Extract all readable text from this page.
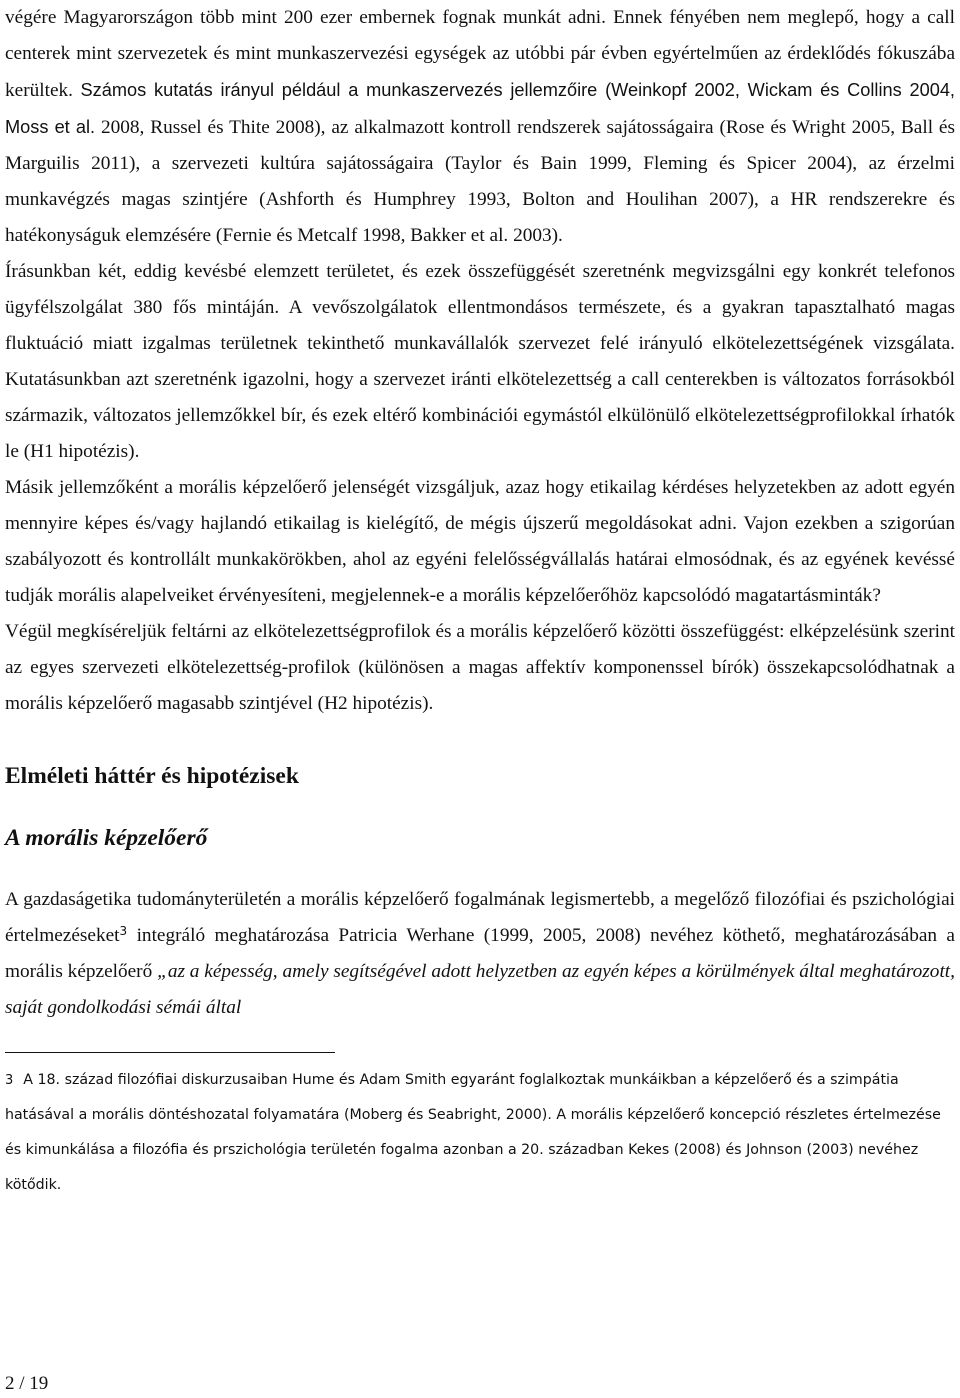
végére Magyarországon több mint 200 ezer embernek fognak munkát adni. Ennek fényében nem meglepő, hogy a call centerek mint szervezetek és mint munkaszervezési egységek az utóbbi pár évben egyértelműen az érdeklődés fókuszába kerültek. Számos kutatás irányul például a munkaszervezés jellemzőire (Weinkopf 2002, Wickam és Collins 2004, Moss et al. 2008, Russel és Thite 2008), az alkalmazott kontroll rendszerek sajátosságaira (Rose és Wright 2005, Ball és Marguilis 2011), a szervezeti kultúra sajátosságaira (Taylor és Bain 1999, Fleming és Spicer 2004), az érzelmi munkavégzés magas szintjére (Ashforth és Humphrey 1993, Bolton and Houlihan 2007), a HR rendszerekre és hatékonyságuk elemzésére (Fernie és Metcalf 1998, Bakker et al. 2003).

Írásunkban két, eddig kevésbé elemzett területet, és ezek összefüggését szeretnénk megvizsgálni egy konkrét telefonos ügyfélszolgálat 380 fős mintáján. A vevőszolgálatok ellentmondásos természete, és a gyakran tapasztalható magas fluktuáció miatt izgalmas területnek tekinthető munkavállalók szervezet felé irányuló elkötelezettségének vizsgálata. Kutatásunkban azt szeretnénk igazolni, hogy a szervezet iránti elkötelezettség a call centerekben is változatos forrásokból származik, változatos jellemzőkkel bír, és ezek eltérő kombinációi egymástól elkülönülő elkötelezettségprofilokkal írhatók le (H1 hipotézis).

Másik jellemzőként a morális képzelőerő jelenségét vizsgáljuk, azaz hogy etikailag kérdéses helyzetekben az adott egyén mennyire képes és/vagy hajlandó etikailag is kielégítő, de mégis újszerű megoldásokat adni. Vajon ezekben a szigorúan szabályozott és kontrollált munkakörökben, ahol az egyéni felelősségvállalás határai elmosódnak, és az egyének kevéssé tudják morális alapelveiket érvényesíteni, megjelennek-e a morális képzelőerőhöz kapcsolódó magatartásminták?

Végül megkíséreljük feltárni az elkötelezettségprofilok és a morális képzelőerő közötti összefüggést: elképzelésünk szerint az egyes szervezeti elkötelezettség-profilok (különösen a magas affektív komponenssel bírók) összekapcsolódhatnak a morális képzelőerő magasabb szintjével (H2 hipotézis).

Elméleti háttér és hipotézisek
A morális képzelőerő

A gazdaságetika tudományterületén a morális képzelőerő fogalmának legismertebb, a megelőző filozófiai és pszichológiai értelmezéseket$^3$ integráló meghatározása Patricia Werhane (1999, 2005, 2008) nevéhez köthető, meghatározásában a morális képzelőerő „az a képesség, amely segítségével adott helyzetben az egyén képes a körülmények által meghatározott, saját gondolkodási sémái által

3 A 18. század filozófiai diskurzusaiban Hume és Adam Smith egyaránt foglalkoztak munkáikban a képzelőerő és a szimpátia hatásával a morális döntéshozatal folyamatára (Moberg és Seabright, 2000). A morális képzelőerő koncepció részletes értelmezése és kimunkálása a filozófia és prszichológia területén fogalma azonban a 20. században Kekes (2008) és Johnson (2003) nevéhez kötődik.

2 / 19
